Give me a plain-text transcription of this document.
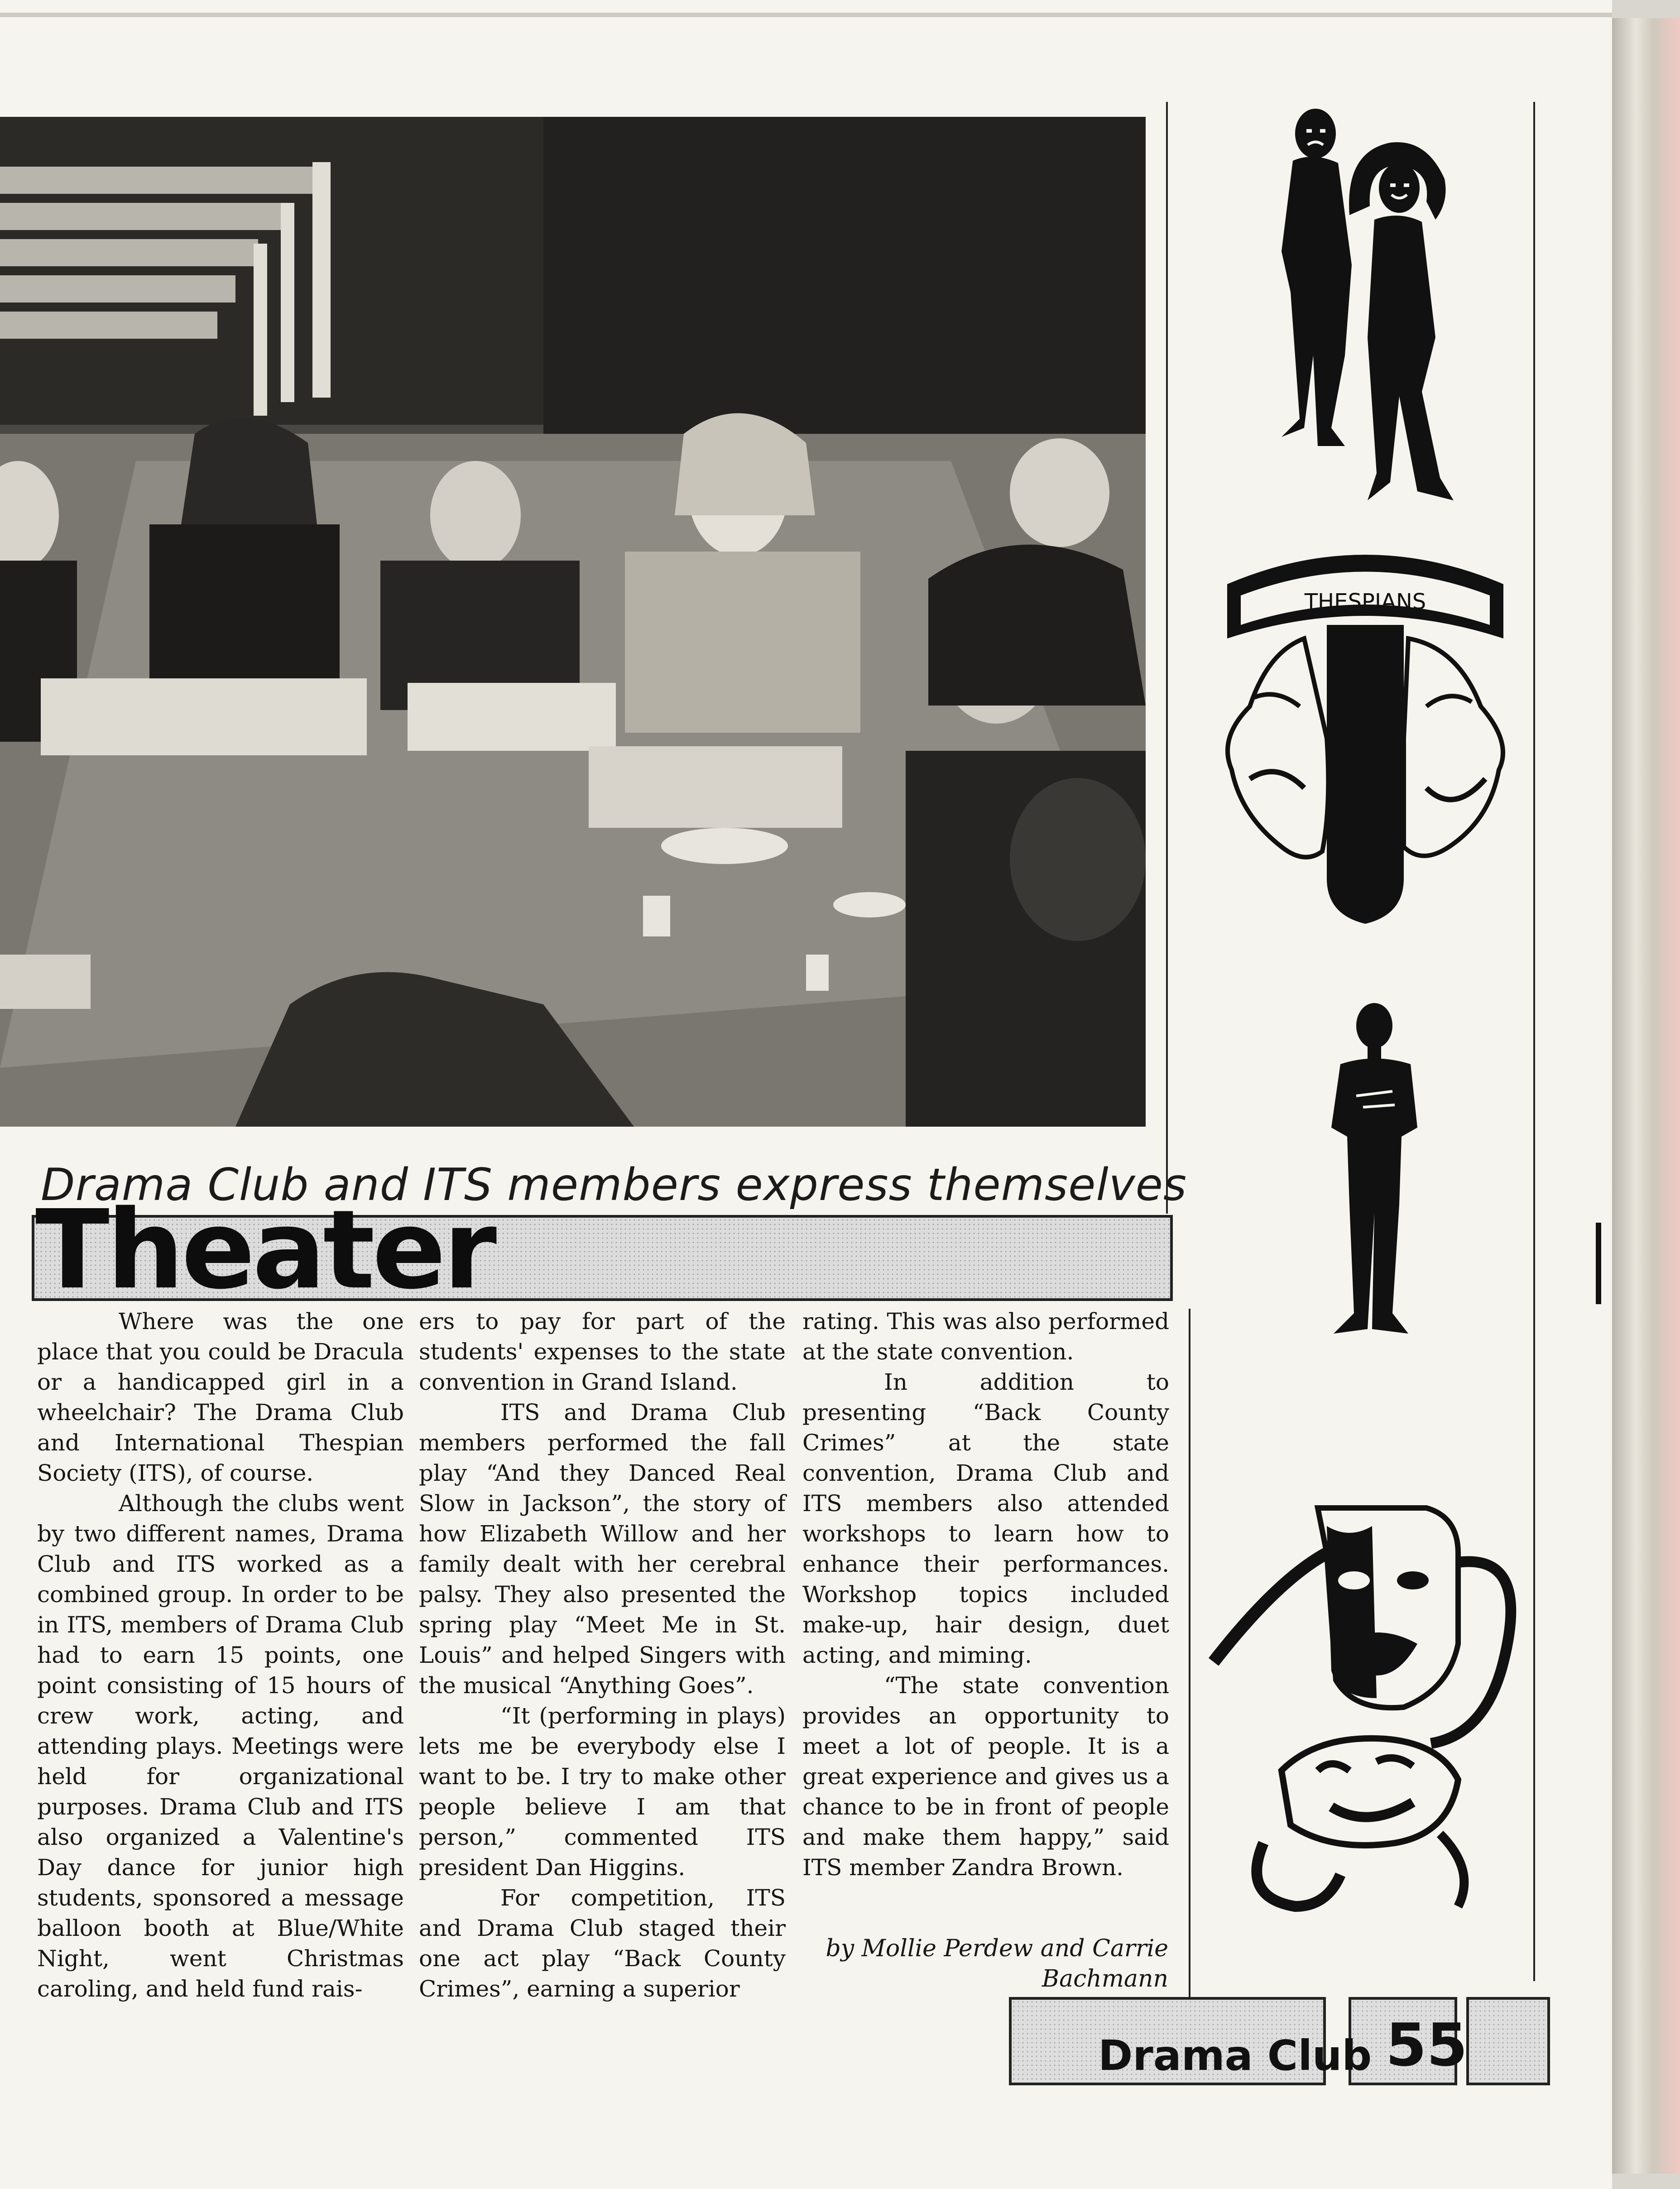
Drama Club and ITS members express themselves
Theater

Where was the one place that you could be Dracula or a handicapped girl in a wheelchair? The Drama Club and International Thespian Society (ITS), of course.

Although the clubs went by two different names, Drama Club and ITS worked as a combined group. In order to be in ITS, members of Drama Club had to earn 15 points, one point consisting of 15 hours of crew work, acting, and attending plays. Meetings were held for organizational purposes. Drama Club and ITS also organized a Valentine's Day dance for junior high students, sponsored a message balloon booth at Blue/White Night, went Christmas caroling, and held fund rais-

ers to pay for part of the students' expenses to the state convention in Grand Island.

ITS and Drama Club members performed the fall play “And they Danced Real Slow in Jackson”, the story of how Elizabeth Willow and her family dealt with her cerebral palsy. They also presented the spring play “Meet Me in St. Louis” and helped Singers with the musical “Anything Goes”.

“It (performing in plays) lets me be everybody else I want to be. I try to make other people believe I am that person,” commented ITS president Dan Higgins.

For competition, ITS and Drama Club staged their one act play “Back County Crimes”, earning a superior

rating. This was also performed at the state convention.

In addition to presenting “Back County Crimes” at the state convention, Drama Club and ITS members also attended workshops to learn how to enhance their performances. Workshop topics included make-up, hair design, duet acting, and miming.

“The state convention provides an opportunity to meet a lot of people. It is a great experience and gives us a chance to be in front of people and make them happy,” said ITS member Zandra Brown.

by Mollie Perdew and Carrie Bachmann
Drama Club 55
THESPIANS
